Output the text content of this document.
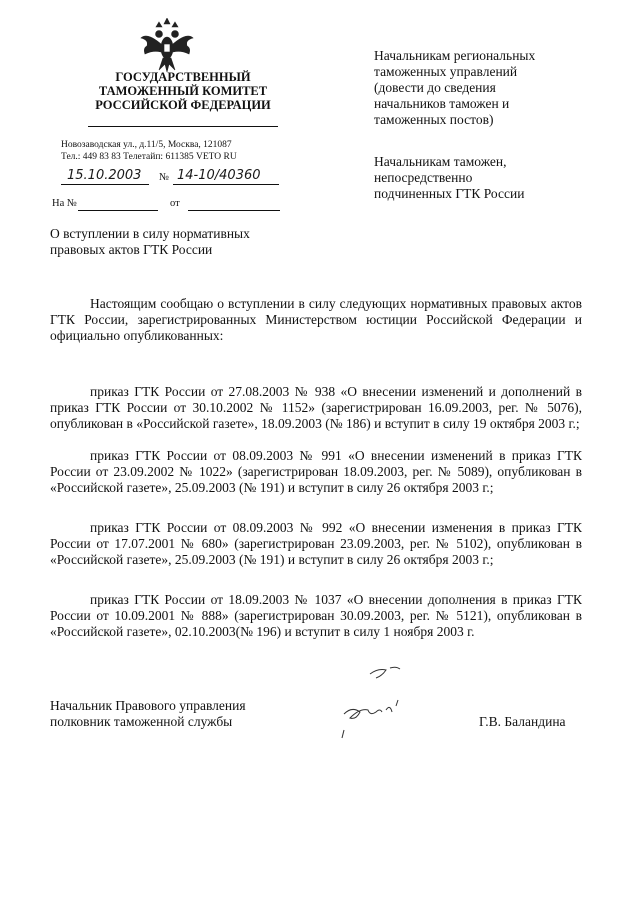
ГОСУДАРСТВЕННЫЙ
ТАМОЖЕННЫЙ КОМИТЕТ
РОССИЙСКОЙ ФЕДЕРАЦИИ
Новозаводская ул., д.11/5, Москва, 121087
Тел.: 449 83 83 Телетайп: 611385 VETO RU
15.10.2003 № 14-10/40360
На №	от
Начальникам региональных
таможенных управлений
(довести до сведения
начальников таможен и
таможенных постов)
Начальникам таможен,
непосредственно
подчиненных ГТК России
О вступлении в силу нормативных
правовых актов ГТК России
Настоящим сообщаю о вступлении в силу следующих нормативных правовых актов ГТК России, зарегистрированных Министерством юстиции Российской Федерации и официально опубликованных:
приказ ГТК России от 27.08.2003 № 938 «О внесении изменений и дополнений в приказ ГТК России от 30.10.2002 № 1152» (зарегистрирован 16.09.2003, рег. № 5076), опубликован в «Российской газете», 18.09.2003 (№ 186) и вступит в силу 19 октября 2003 г.;
приказ ГТК России от 08.09.2003 № 991 «О внесении изменений в приказ ГТК России от 23.09.2002 № 1022» (зарегистрирован 18.09.2003, рег. № 5089), опубликован в «Российской газете», 25.09.2003 (№ 191) и вступит в силу 26 октября 2003 г.;
приказ ГТК России от 08.09.2003 № 992 «О внесении изменения в приказ ГТК России от 17.07.2001 № 680» (зарегистрирован 23.09.2003, рег. № 5102), опубликован в «Российской газете», 25.09.2003 (№ 191) и вступит в силу 26 октября 2003 г.;
приказ ГТК России от 18.09.2003 № 1037 «О внесении дополнения в приказ ГТК России от 10.09.2001 № 888» (зарегистрирован 30.09.2003, рег. № 5121), опубликован в «Российской газете», 02.10.2003(№ 196) и вступит в силу 1 ноября 2003 г.
Начальник Правового управления
полковник таможенной службы	Г.В. Баландина
